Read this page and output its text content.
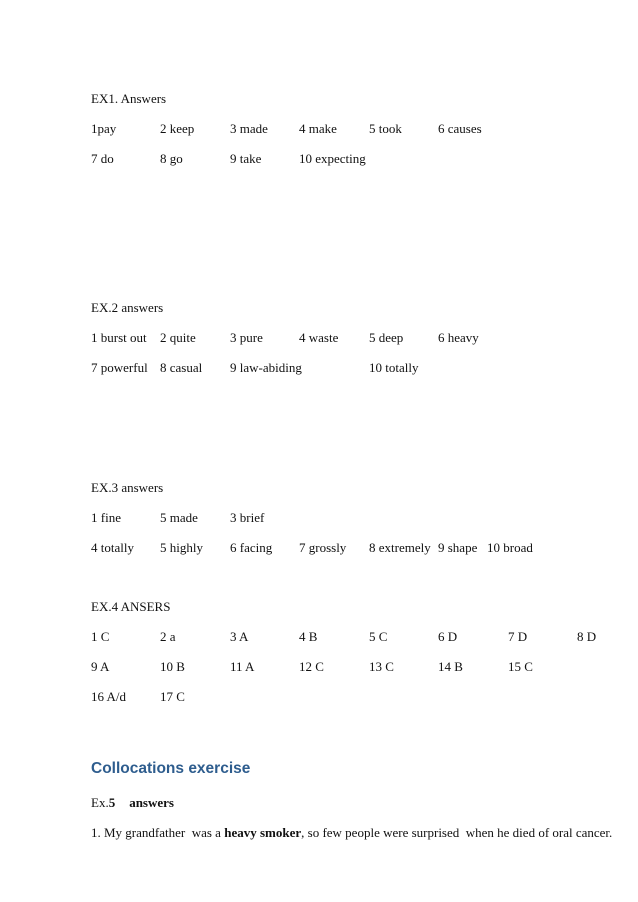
EX1. Answers
1pay	2 keep	3 made 4 make 5 took	6 causes
7 do	8 go	9 take	10 expecting
EX.2 answers
1 burst out 2 quite	3 pure	4 waste 5 deep	6 heavy
7 powerful 8 casual 9 law-abiding	10 totally
EX.3 answers
1 fine	5 made 3 brief
4 totally 5 highly 6 facing 7 grossly 8 extremely 9 shape 10 broad
EX.4 ANSERS
1 C	2 a	3 A	4 B	5 C	6 D	7 D	8 D
9 A	10 B	11 A	12 C	13 C	14 B	15 C
16 A/d	17 C
Collocations exercise
Ex.5 answers
1. My grandfather  was a heavy smoker, so few people were surprised  when he died of oral cancer.
